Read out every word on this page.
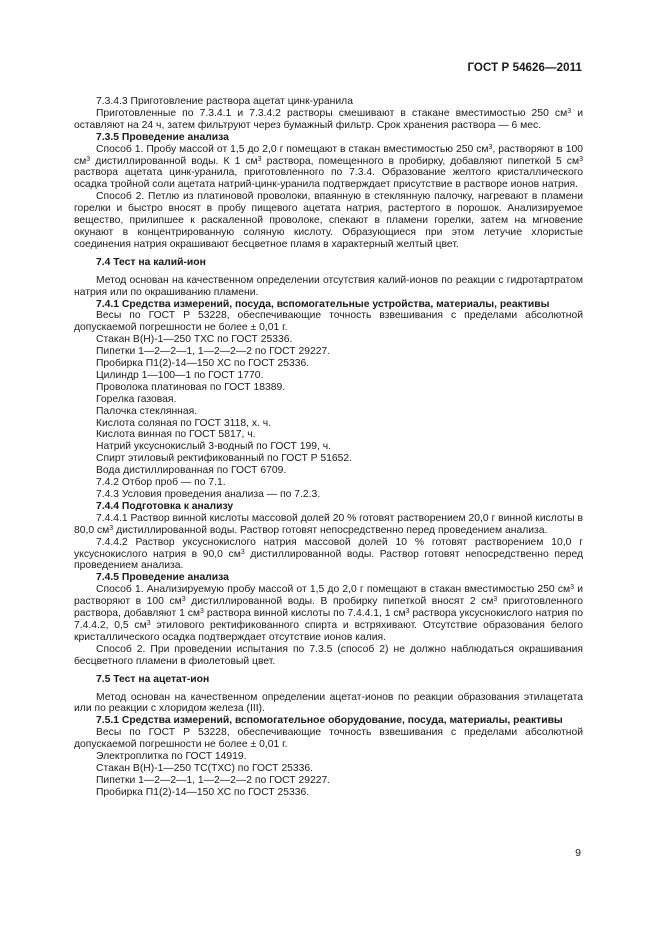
ГОСТ Р 54626—2011

7.3.4.3 Приготовление раствора ацетат цинк-уранила

Приготовленные по 7.3.4.1 и 7.3.4.2 растворы смешивают в стакане вместимостью 250 $см^3$ и оставляют на 24 ч, затем фильтруют через бумажный фильтр. Срок хранения раствора — 6 мес.

7.3.5 Проведение анализа

Способ 1. Пробу массой от 1,5 до 2,0 г помещают в стакан вместимостью 250 $см^3$, растворяют в 100 $см^3$ дистиллированной воды. К 1 $см^3$ раствора, помещенного в пробирку, добавляют пипеткой 5 $см^3$ раствора ацетата цинк-уранила, приготовленного по 7.3.4. Образование желтого кристаллического осадка тройной соли ацетата натрий-цинк-уранила подтверждает присутствие в растворе ионов натрия.

Способ 2. Петлю из платиновой проволоки, впаянную в стеклянную палочку, нагревают в пламени горелки и быстро вносят в пробу пищевого ацетата натрия, растертого в порошок. Анализируемое вещество, прилипшее к раскаленной проволоке, спекают в пламени горелки, затем на мгновение окунают в концентрированную соляную кислоту. Образующиеся при этом летучие хлористые соединения натрия окрашивают бесцветное пламя в характерный желтый цвет.

7.4 Тест на калий-ион

Метод основан на качественном определении отсутствия калий-ионов по реакции с гидротартратом натрия или по окрашиванию пламени.

7.4.1 Средства измерений, посуда, вспомогательные устройства, материалы, реактивы

Весы по ГОСТ Р 53228, обеспечивающие точность взвешивания с пределами абсолютной допускаемой погрешности не более ± 0,01 г.

Стакан В(Н)-1—250 ТХС по ГОСТ 25336.

Пипетки 1—2—2—1, 1—2—2—2 по ГОСТ 29227.

Пробирка П1(2)-14—150 ХС по ГОСТ 25336.

Цилиндр 1—100—1 по ГОСТ 1770.

Проволока платиновая по ГОСТ 18389.

Горелка газовая.

Палочка стеклянная.

Кислота соляная по ГОСТ 3118, х. ч.

Кислота винная по ГОСТ 5817, ч.

Натрий уксуснокислый 3-водный по ГОСТ 199, ч.

Спирт этиловый ректификованный по ГОСТ Р 51652.

Вода дистиллированная по ГОСТ 6709.

7.4.2 Отбор проб — по 7.1.

7.4.3 Условия проведения анализа — по 7.2.3.

7.4.4 Подготовка к анализу

7.4.4.1 Раствор винной кислоты массовой долей 20 % готовят растворением 20,0 г винной кислоты в 80,0 $см^3$ дистиллированной воды. Раствор готовят непосредственно перед проведением анализа.

7.4.4.2 Раствор уксуснокислого натрия массовой долей 10 % готовят растворением 10,0 г уксуснокислого натрия в 90,0 $см^3$ дистиллированной воды. Раствор готовят непосредственно перед проведением анализа.

7.4.5 Проведение анализа

Способ 1. Анализируемую пробу массой от 1,5 до 2,0 г помещают в стакан вместимостью 250 $см^3$ и растворяют в 100 $см^3$ дистиллированной воды. В пробирку пипеткой вносят 2 $см^3$ приготовленного раствора, добавляют 1 $см^3$ раствора винной кислоты по 7.4.4.1, 1 $см^3$ раствора уксуснокислого натрия по 7.4.4.2, 0,5 $см^3$ этилового ректификованного спирта и встряхивают. Отсутствие образования белого кристаллического осадка подтверждает отсутствие ионов калия.

Способ 2. При проведении испытания по 7.3.5 (способ 2) не должно наблюдаться окрашивания бесцветного пламени в фиолетовый цвет.

7.5 Тест на ацетат-ион

Метод основан на качественном определении ацетат-ионов по реакции образования этилацетата или по реакции с хлоридом железа (III).

7.5.1 Средства измерений, вспомогательное оборудование, посуда, материалы, реактивы

Весы по ГОСТ Р 53228, обеспечивающие точность взвешивания с пределами абсолютной допускаемой погрешности не более ± 0,01 г.

Электроплитка по ГОСТ 14919.

Стакан В(Н)-1—250 ТС(ТХС) по ГОСТ 25336.

Пипетки 1—2—2—1, 1—2—2—2 по ГОСТ 29227.

Пробирка П1(2)-14—150 ХС по ГОСТ 25336.

9
